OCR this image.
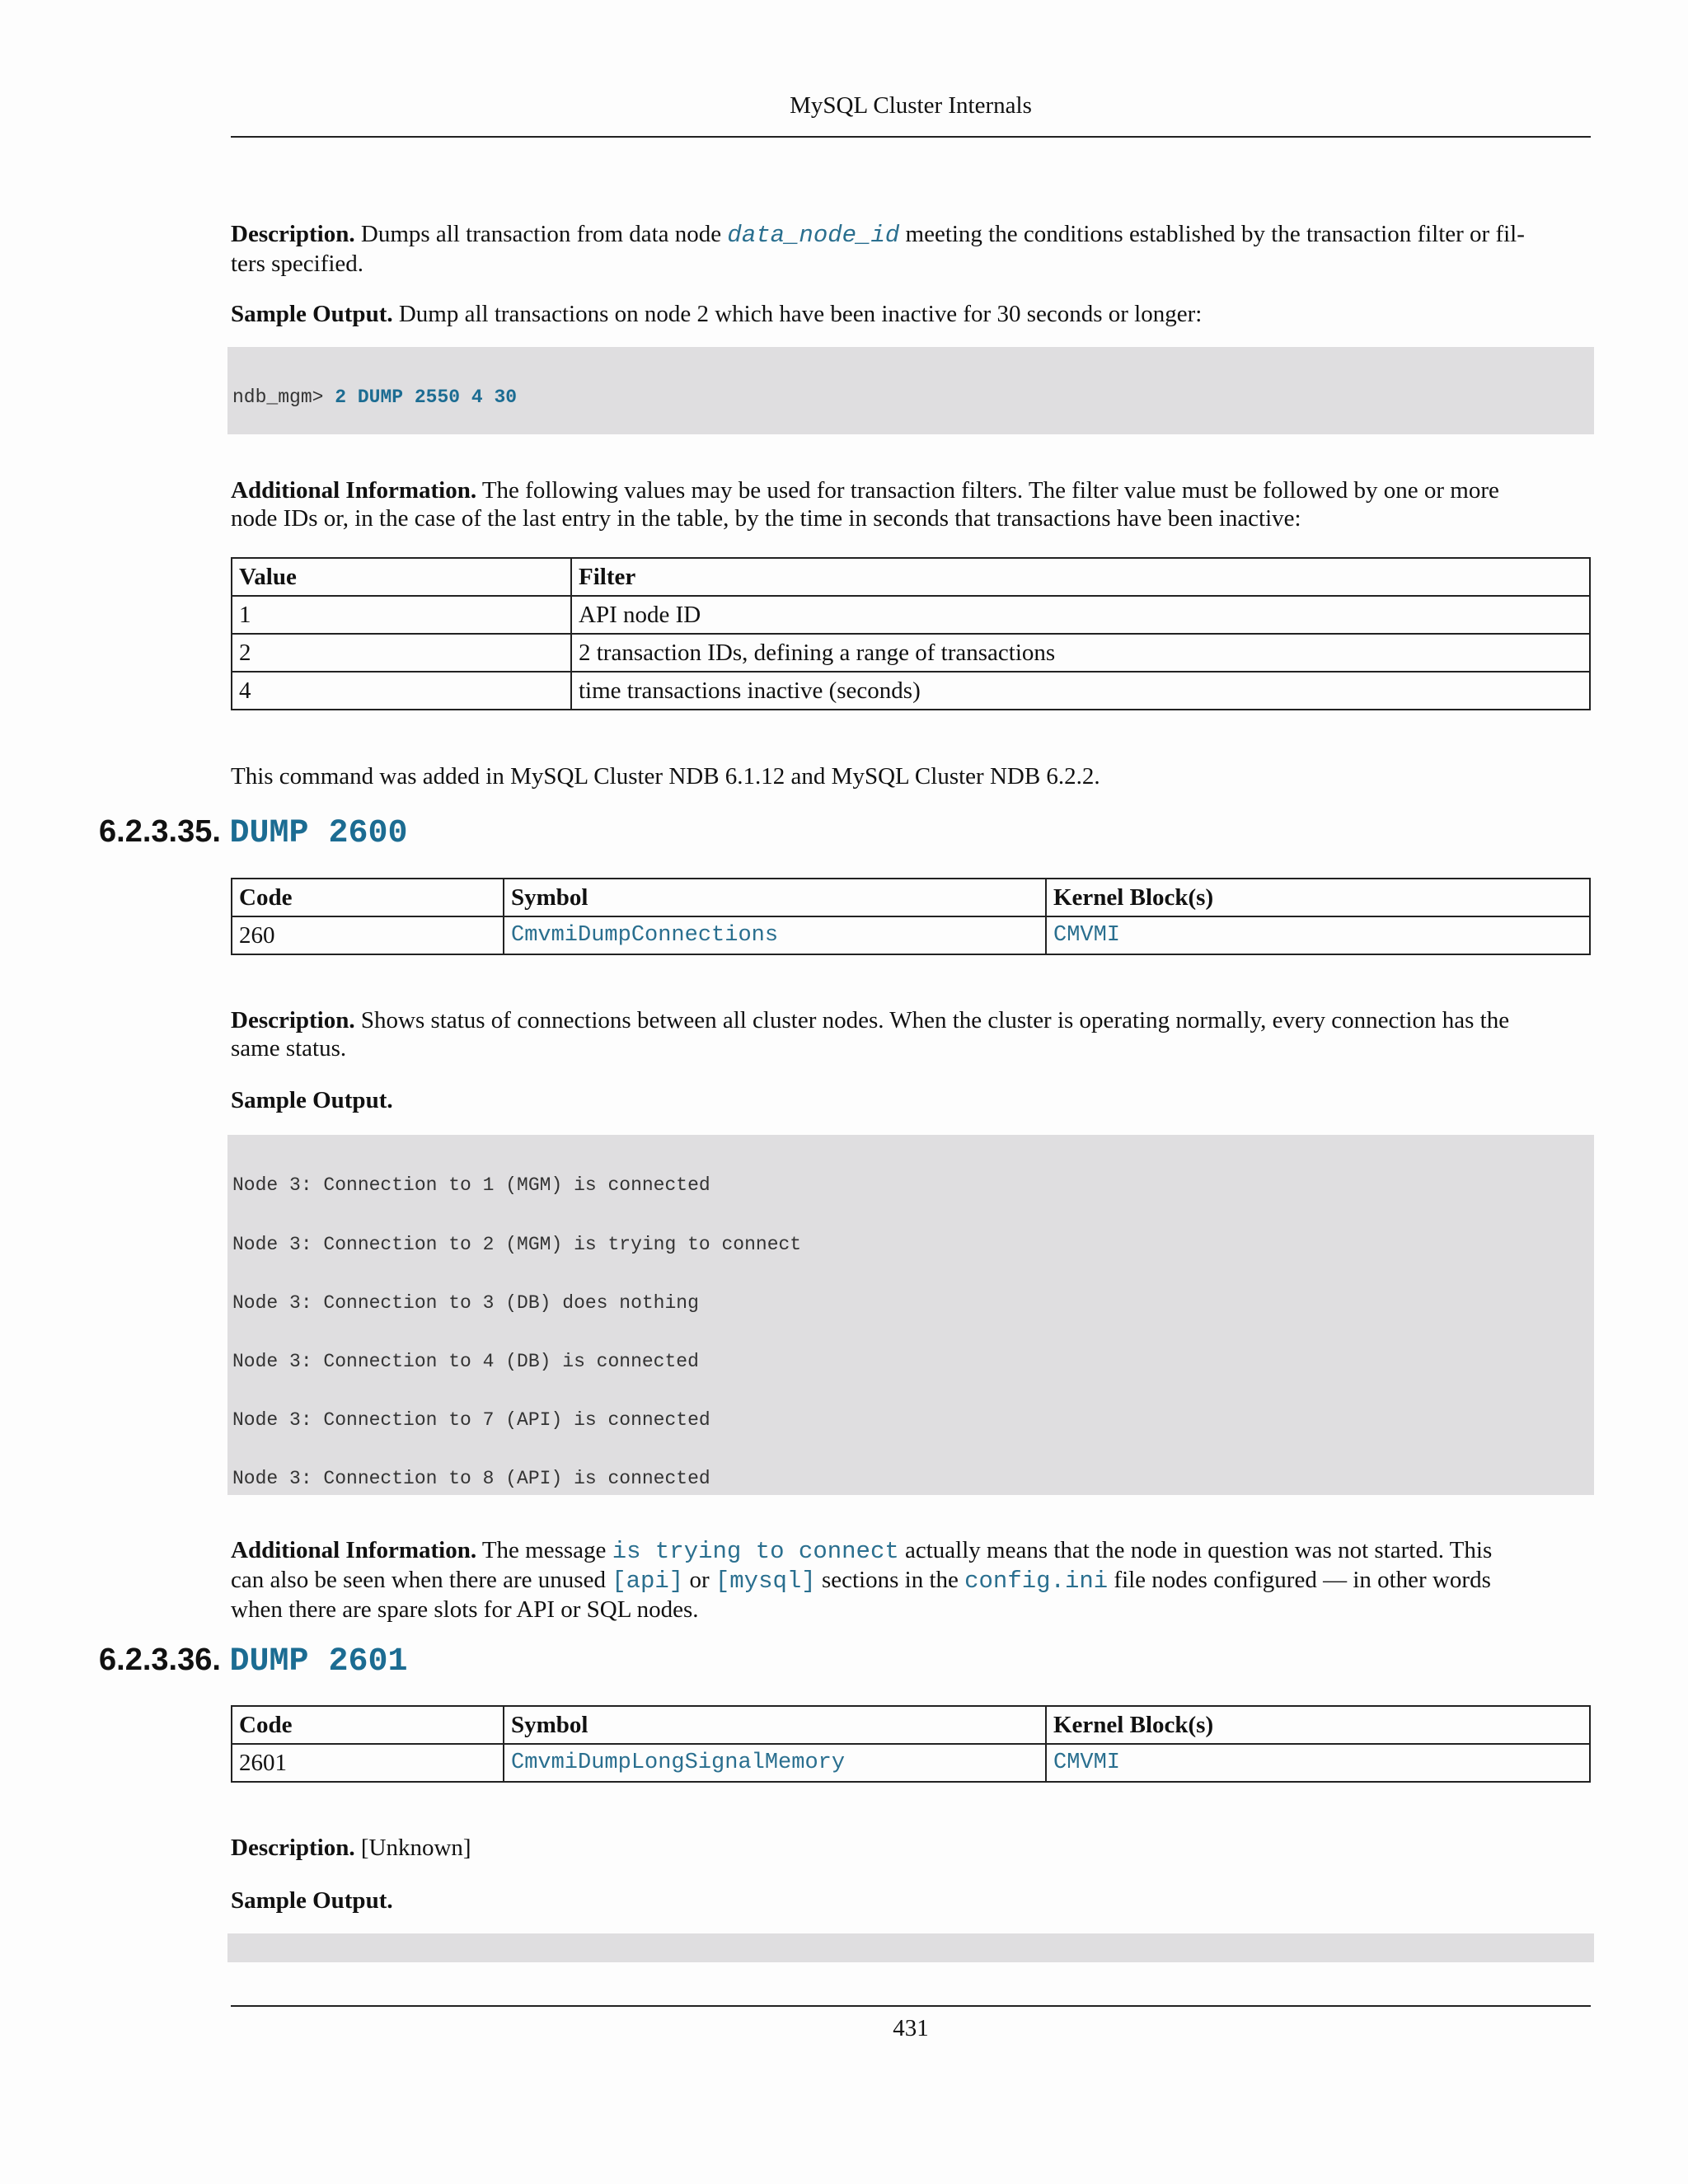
MySQL Cluster Internals

Description. Dumps all transaction from data node data_node_id meeting the conditions established by the transaction filter or fil-
ters specified.

Sample Output. Dump all transactions on node 2 which have been inactive for 30 seconds or longer:

ndb_mgm> 2 DUMP 2550 4 30

Additional Information. The following values may be used for transaction filters. The filter value must be followed by one or more
node IDs or, in the case of the last entry in the table, by the time in seconds that transactions have been inactive:

Value	Filter
1	API node ID
2	2 transaction IDs, defining a range of transactions
4	time transactions inactive (seconds)

This command was added in MySQL Cluster NDB 6.1.12 and MySQL Cluster NDB 6.2.2.

6.2.3.35. DUMP 2600
Code	Symbol	Kernel Block(s)
260	CmvmiDumpConnections	CMVMI

Description. Shows status of connections between all cluster nodes. When the cluster is operating normally, every connection has the
same status.

Sample Output.

Node 3: Connection to 1 (MGM) is connected

Node 3: Connection to 2 (MGM) is trying to connect

Node 3: Connection to 3 (DB) does nothing

Node 3: Connection to 4 (DB) is connected

Node 3: Connection to 7 (API) is connected

Node 3: Connection to 8 (API) is connected

Additional Information. The message is trying to connect actually means that the node in question was not started. This
can also be seen when there are unused [api] or [mysql] sections in the config.ini file nodes configured — in other words
when there are spare slots for API or SQL nodes.

6.2.3.36. DUMP 2601
Code	Symbol	Kernel Block(s)
2601	CmvmiDumpLongSignalMemory	CMVMI

Description. [Unknown]

Sample Output.

431
